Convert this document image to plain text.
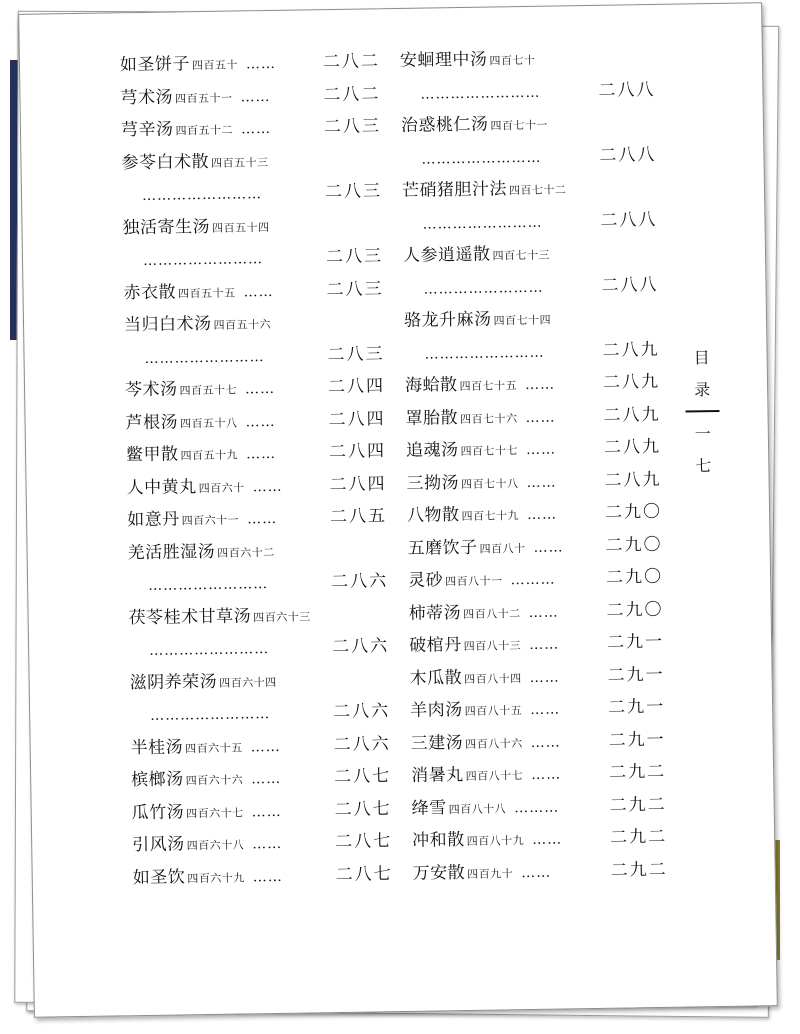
如圣饼子 四百五十 ……	二八二
芎术汤 四百五十一 ……	二八二
芎辛汤 四百五十二 ……	二八三
参苓白术散 四百五十三
……………………	二八三
独活寄生汤 四百五十四
……………………	二八三
赤衣散 四百五十五 ……	二八三
当归白术汤 四百五十六
……………………	二八三
芩术汤 四百五十七 ……	二八四
芦根汤 四百五十八 ……	二八四
鳖甲散 四百五十九 ……	二八四
人中黄丸 四百六十 ……	二八四
如意丹 四百六十一 ……	二八五
羌活胜湿汤 四百六十二
……………………	二八六
茯苓桂术甘草汤 四百六十三
……………………	二八六
滋阴养荣汤 四百六十四
……………………	二八六
半桂汤 四百六十五 ……	二八六
槟榔汤 四百六十六 ……	二八七
瓜竹汤 四百六十七 ……	二八七
引风汤 四百六十八 ……	二八七
如圣饮 四百六十九 ……	二八七
安蛔理中汤 四百七十
……………………	二八八
治惑桃仁汤 四百七十一
……………………	二八八
芒硝猪胆汁法 四百七十二
……………………	二八八
人参逍遥散 四百七十三
……………………	二八八
骆龙升麻汤 四百七十四
……………………	二八九
海蛤散 四百七十五 ……	二八九
罩胎散 四百七十六 ……	二八九
追魂汤 四百七十七 ……	二八九
三拗汤 四百七十八 ……	二八九
八物散 四百七十九 ……	二九〇
五磨饮子 四百八十 ……	二九〇
灵砂 四百八十一 ………	二九〇
柿蒂汤 四百八十二 ……	二九〇
破棺丹 四百八十三 ……	二九一
木瓜散 四百八十四 ……	二九一
羊肉汤 四百八十五 ……	二九一
三建汤 四百八十六 ……	二九一
消暑丸 四百八十七 ……	二九二
绛雪 四百八十八 ………	二九二
冲和散 四百八十九 ……	二九二
万安散 四百九十 ……	二九二
目
录
一
七
